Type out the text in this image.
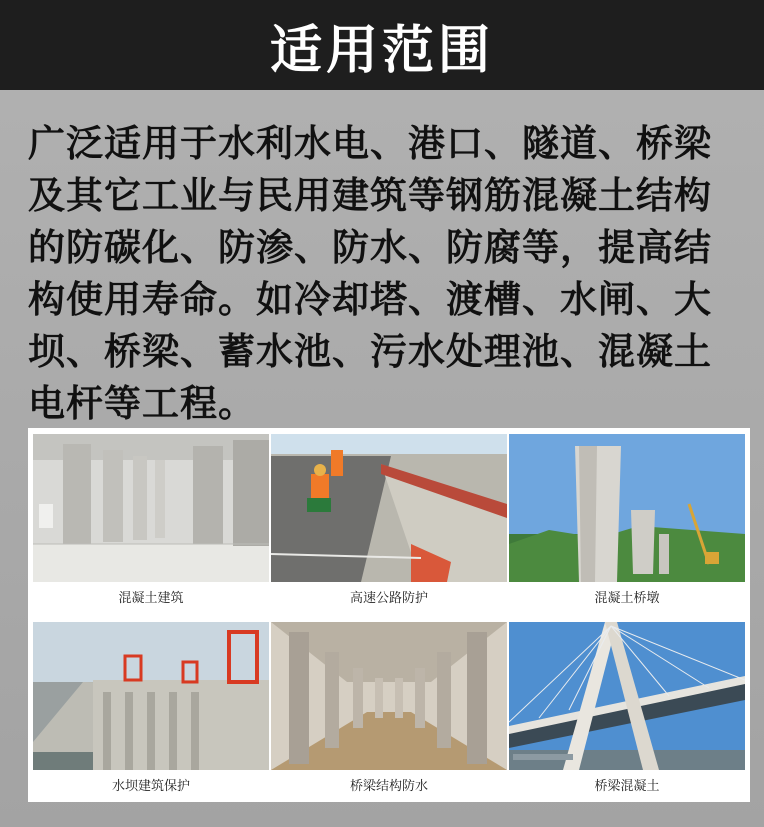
适用范围
广泛适用于水利水电、港口、隧道、桥梁
及其它工业与民用建筑等钢筋混凝土结构
的防碳化、防渗、防水、防腐等，提高结
构使用寿命。如冷却塔、渡槽、水闸、大
坝、桥梁、蓄水池、污水处理池、混凝土
电杆等工程。
混凝土建筑	高速公路防护	混凝土桥墩
水坝建筑保护	桥梁结构防水	桥梁混凝土
